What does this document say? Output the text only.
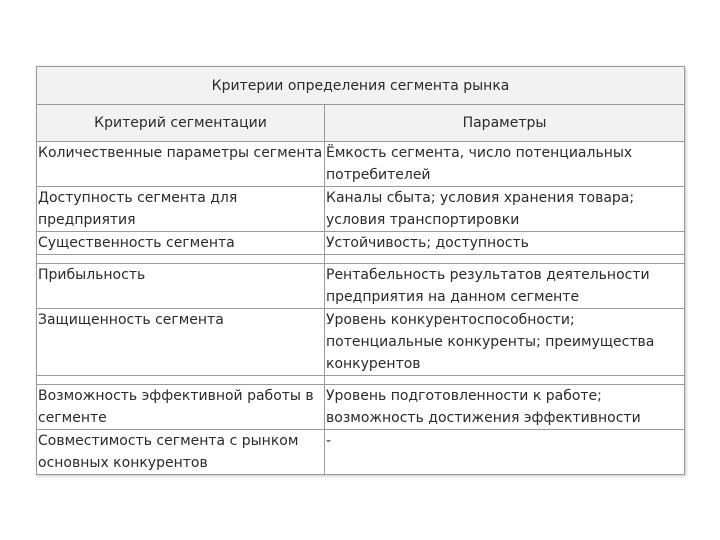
Критерии определения сегмента рынка	
Критерий сегментации	Параметры
Количественные параметры сегмента	Ёмкость сегмента, число потенциальных потребителей
Доступность сегмента для предприятия	Каналы сбыта; условия хранения товара; условия транспортировки
Существенность сегмента	Устойчивость; доступность

Прибыльность	Рентабельность результатов деятельности предприятия на данном сегменте
Защищенность сегмента	Уровень конкурентоспособности; потенциальные конкуренты; преимущества конкурентов

Возможность эффективной работы в сегменте	Уровень подготовленности к работе; возможность достижения эффективности
Совместимость сегмента с рынком основных конкурентов	-
